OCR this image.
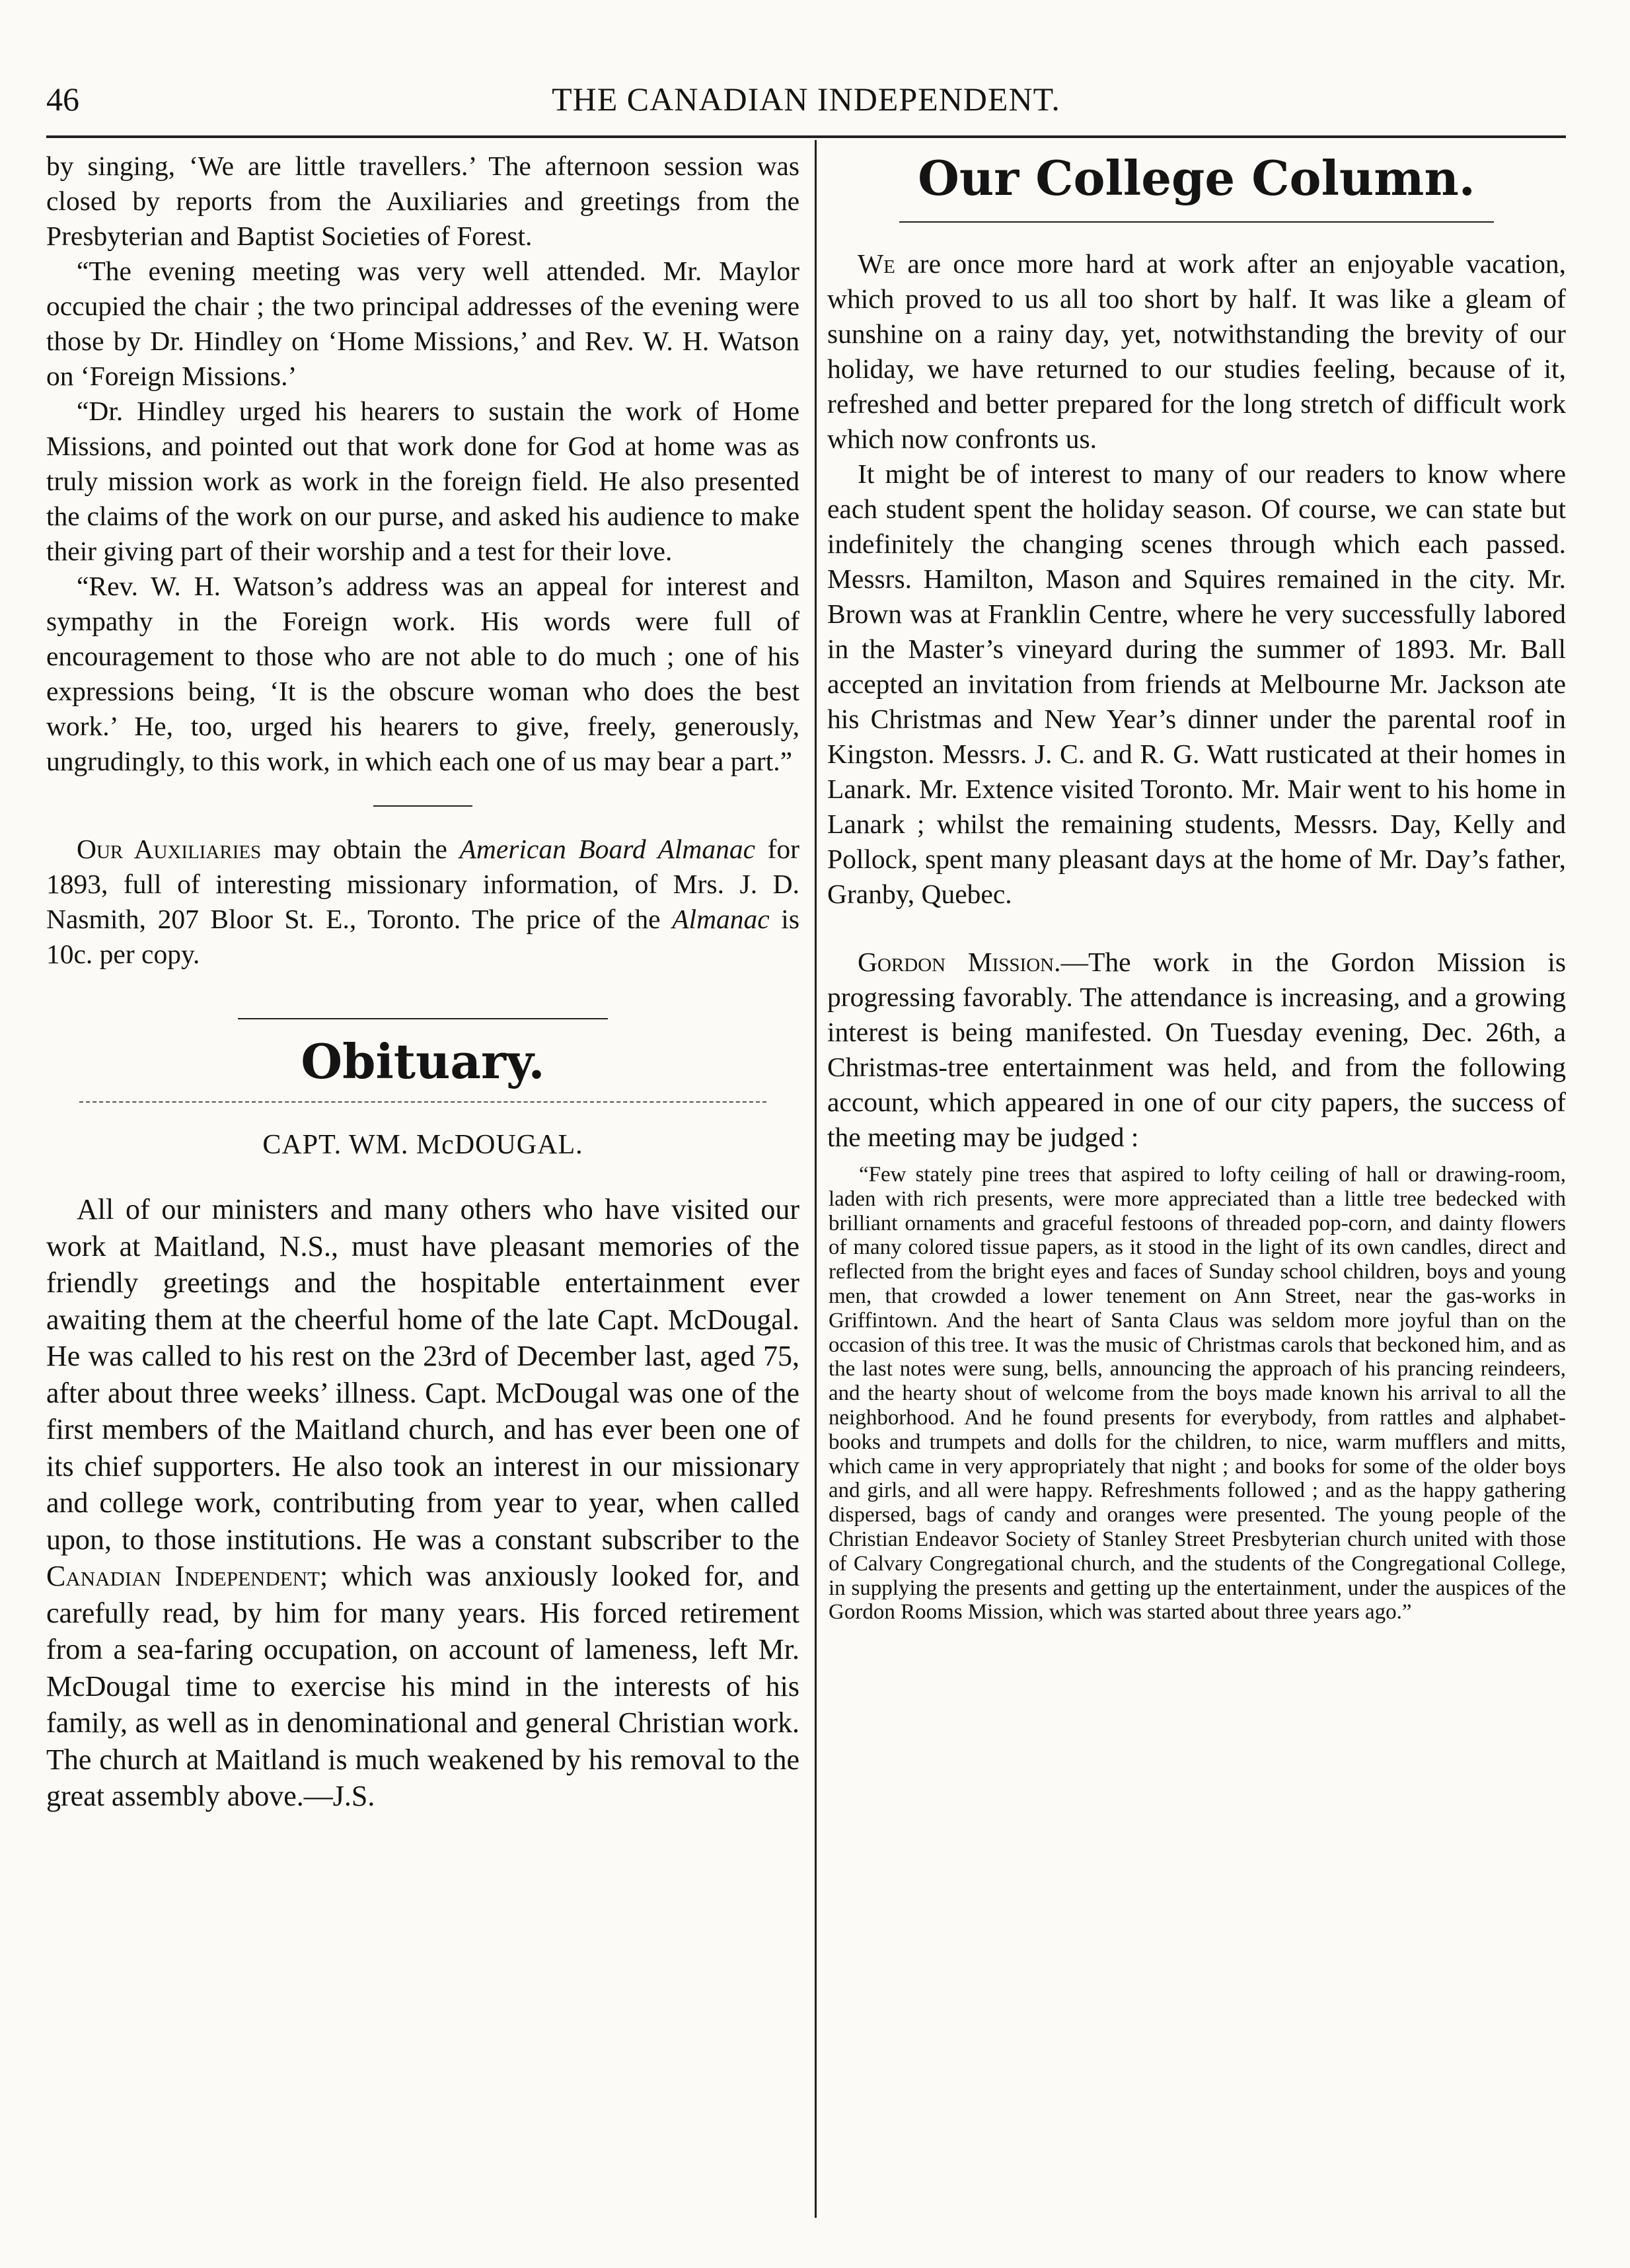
46	THE CANADIAN INDEPENDENT.

by singing, ‘We are little travellers.’ The afternoon session was closed by reports from the Auxiliaries and greetings from the Presbyterian and Baptist Societies of Forest.

“The evening meeting was very well attended. Mr. Maylor occupied the chair ; the two principal addresses of the evening were those by Dr. Hindley on ‘Home Missions,’ and Rev. W. H. Watson on ‘Foreign Missions.’

“Dr. Hindley urged his hearers to sustain the work of Home Missions, and pointed out that work done for God at home was as truly mission work as work in the foreign field. He also presented the claims of the work on our purse, and asked his audience to make their giving part of their worship and a test for their love.

“Rev. W. H. Watson’s address was an appeal for interest and sympathy in the Foreign work. His words were full of encouragement to those who are not able to do much ; one of his expressions being, ‘It is the obscure woman who does the best work.’ He, too, urged his hearers to give, freely, generously, ungrudingly, to this work, in which each one of us may bear a part.”

Our Auxiliaries may obtain the American Board Almanac for 1893, full of interesting missionary information, of Mrs. J. D. Nasmith, 207 Bloor St. E., Toronto. The price of the Almanac is 10c. per copy.

Obituary.

CAPT. WM. McDOUGAL.

All of our ministers and many others who have visited our work at Maitland, N.S., must have pleasant memories of the friendly greetings and the hospitable entertainment ever awaiting them at the cheerful home of the late Capt. McDougal. He was called to his rest on the 23rd of December last, aged 75, after about three weeks’ illness. Capt. McDougal was one of the first members of the Maitland church, and has ever been one of its chief supporters. He also took an interest in our missionary and college work, contributing from year to year, when called upon, to those institutions. He was a constant subscriber to the Canadian Independent; which was anxiously looked for, and carefully read, by him for many years. His forced retirement from a sea-faring occupation, on account of lameness, left Mr. McDougal time to exercise his mind in the interests of his family, as well as in denominational and general Christian work. The church at Maitland is much weakened by his removal to the great assembly above.—J.S.

Our College Column.

We are once more hard at work after an enjoyable vacation, which proved to us all too short by half. It was like a gleam of sunshine on a rainy day, yet, notwithstanding the brevity of our holiday, we have returned to our studies feeling, because of it, refreshed and better prepared for the long stretch of difficult work which now confronts us.

It might be of interest to many of our readers to know where each student spent the holiday season. Of course, we can state but indefinitely the changing scenes through which each passed. Messrs. Hamilton, Mason and Squires remained in the city. Mr. Brown was at Franklin Centre, where he very successfully labored in the Master’s vineyard during the summer of 1893. Mr. Ball accepted an invitation from friends at Melbourne Mr. Jackson ate his Christmas and New Year’s dinner under the parental roof in Kingston. Messrs. J. C. and R. G. Watt rusticated at their homes in Lanark. Mr. Extence visited Toronto. Mr. Mair went to his home in Lanark ; whilst the remaining students, Messrs. Day, Kelly and Pollock, spent many pleasant days at the home of Mr. Day’s father, Granby, Quebec.

Gordon Mission.—The work in the Gordon Mission is progressing favorably. The attendance is increasing, and a growing interest is being manifested. On Tuesday evening, Dec. 26th, a Christmas-tree entertainment was held, and from the following account, which appeared in one of our city papers, the success of the meeting may be judged :

“Few stately pine trees that aspired to lofty ceiling of hall or drawing-room, laden with rich presents, were more appreciated than a little tree bedecked with brilliant ornaments and graceful festoons of threaded pop-corn, and dainty flowers of many colored tissue papers, as it stood in the light of its own candles, direct and reflected from the bright eyes and faces of Sunday school children, boys and young men, that crowded a lower tenement on Ann Street, near the gas-works in Griffintown. And the heart of Santa Claus was seldom more joyful than on the occasion of this tree. It was the music of Christmas carols that beckoned him, and as the last notes were sung, bells, announcing the approach of his prancing reindeers, and the hearty shout of welcome from the boys made known his arrival to all the neighborhood. And he found presents for everybody, from rattles and alphabet-books and trumpets and dolls for the children, to nice, warm mufflers and mitts, which came in very appropriately that night ; and books for some of the older boys and girls, and all were happy. Refreshments followed ; and as the happy gathering dispersed, bags of candy and oranges were presented. The young people of the Christian Endeavor Society of Stanley Street Presbyterian church united with those of Calvary Congregational church, and the students of the Congregational College, in supplying the presents and getting up the entertainment, under the auspices of the Gordon Rooms Mission, which was started about three years ago.”
